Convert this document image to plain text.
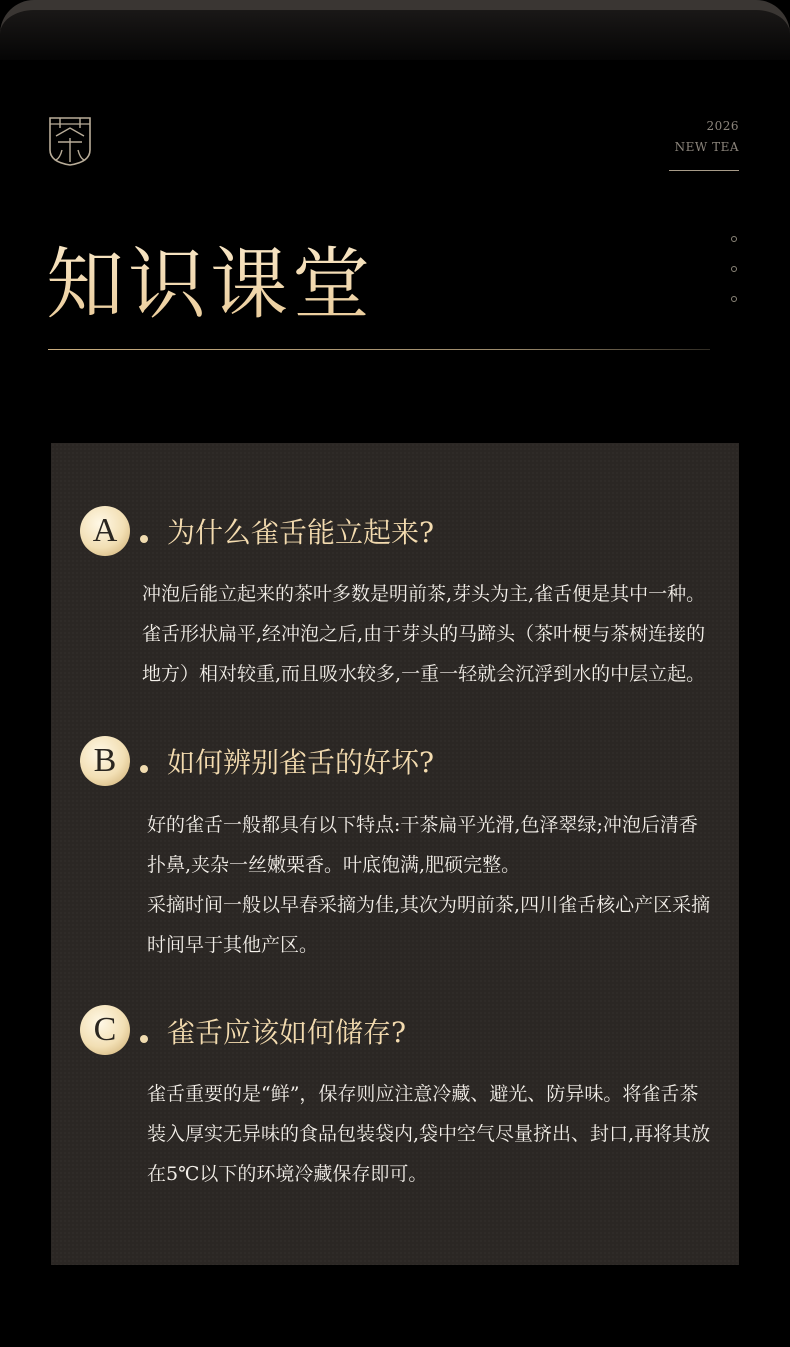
2026
NEW TEA
知识课堂
A	为什么雀舌能立起来?

冲泡后能立起来的茶叶多数是明前茶,芽头为主,雀舌便是其中一种。雀舌形状扁平,经冲泡之后,由于芽头的马蹄头（茶叶梗与茶树连接的地方）相对较重,而且吸水较多,一重一轻就会沉浮到水的中层立起。

B	如何辨别雀舌的好坏?

好的雀舌一般都具有以下特点:干茶扁平光滑,色泽翠绿;冲泡后清香扑鼻,夹杂一丝嫩栗香。叶底饱满,肥硕完整。

采摘时间一般以早春采摘为佳,其次为明前茶,四川雀舌核心产区采摘时间早于其他产区。

C	雀舌应该如何储存?

雀舌重要的是“鲜”，保存则应注意冷藏、避光、防异味。将雀舌茶装入厚实无异味的食品包装袋内,袋中空气尽量挤出、封口,再将其放在5℃以下的环境冷藏保存即可。
